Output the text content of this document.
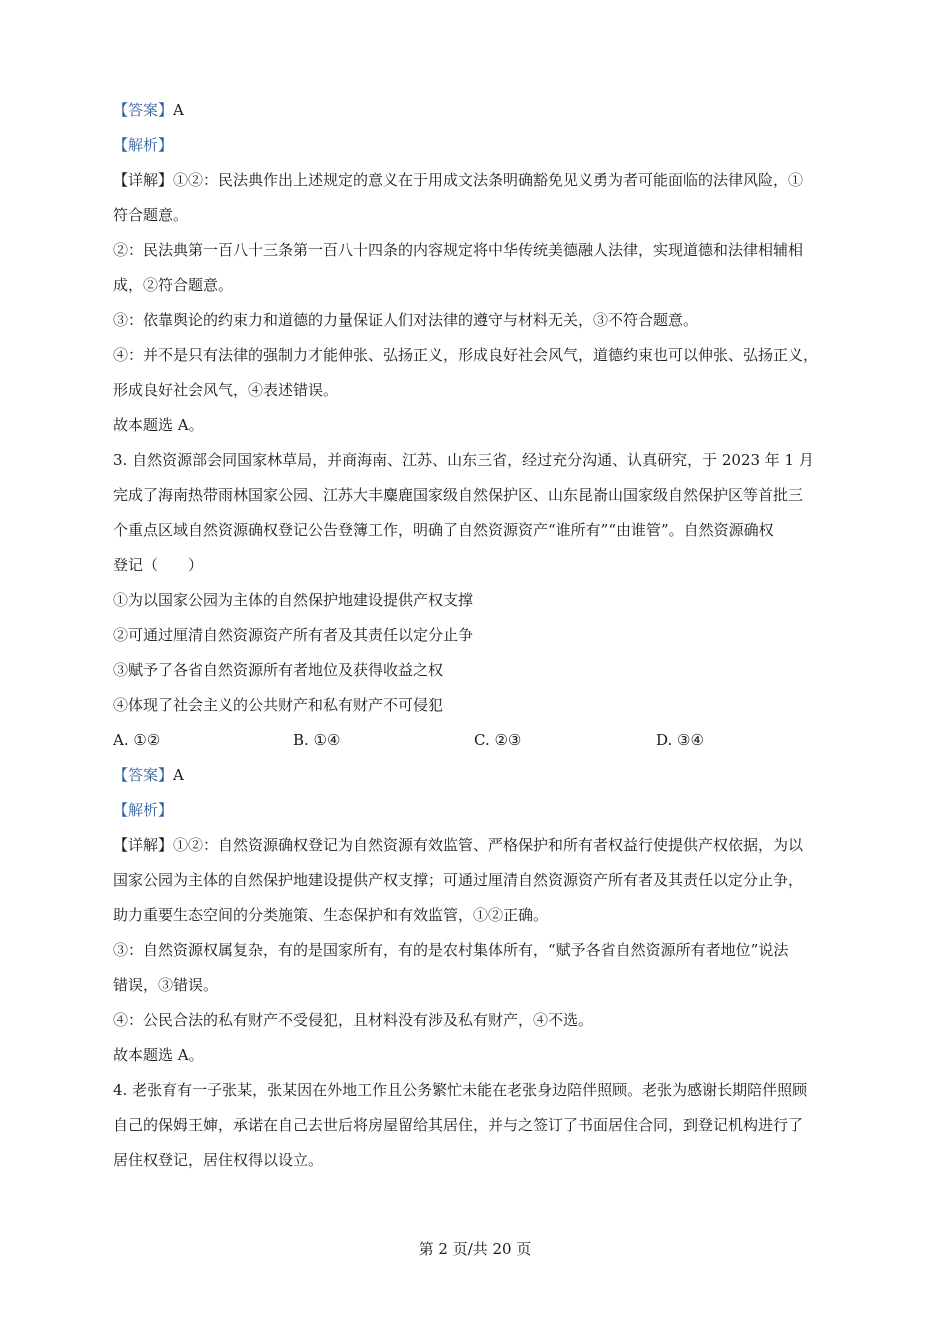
【答案】A
【解析】
【详解】①②：民法典作出上述规定的意义在于用成文法条明确豁免见义勇为者可能面临的法律风险，①
符合题意。
②：民法典第一百八十三条第一百八十四条的内容规定将中华传统美德融人法律，实现道德和法律相辅相
成，②符合题意。
③：依靠舆论的约束力和道德的力量保证人们对法律的遵守与材料无关，③不符合题意。
④：并不是只有法律的强制力才能伸张、弘扬正义，形成良好社会风气，道德约束也可以伸张、弘扬正义，
形成良好社会风气，④表述错误。
故本题选 A。
3. 自然资源部会同国家林草局，并商海南、江苏、山东三省，经过充分沟通、认真研究，于 2023 年 1 月
完成了海南热带雨林国家公园、江苏大丰麋鹿国家级自然保护区、山东昆嵛山国家级自然保护区等首批三
个重点区域自然资源确权登记公告登簿工作，明确了自然资源资产“谁所有”“由谁管”。自然资源确权
登记（　　）
①为以国家公园为主体的自然保护地建设提供产权支撑
②可通过厘清自然资源资产所有者及其责任以定分止争
③赋予了各省自然资源所有者地位及获得收益之权
④体现了社会主义的公共财产和私有财产不可侵犯
A. ①②	B. ①④	C. ②③	D. ③④
【答案】A
【解析】
【详解】①②：自然资源确权登记为自然资源有效监管、严格保护和所有者权益行使提供产权依据，为以
国家公园为主体的自然保护地建设提供产权支撑；可通过厘清自然资源资产所有者及其责任以定分止争，
助力重要生态空间的分类施策、生态保护和有效监管，①②正确。
③：自然资源权属复杂，有的是国家所有，有的是农村集体所有，“赋予各省自然资源所有者地位”说法
错误，③错误。
④：公民合法的私有财产不受侵犯，且材料没有涉及私有财产，④不选。
故本题选 A。
4. 老张育有一子张某，张某因在外地工作且公务繁忙未能在老张身边陪伴照顾。老张为感谢长期陪伴照顾
自己的保姆王婶，承诺在自己去世后将房屋留给其居住，并与之签订了书面居住合同，到登记机构进行了
居住权登记，居住权得以设立。
第 2 页/共 20 页
